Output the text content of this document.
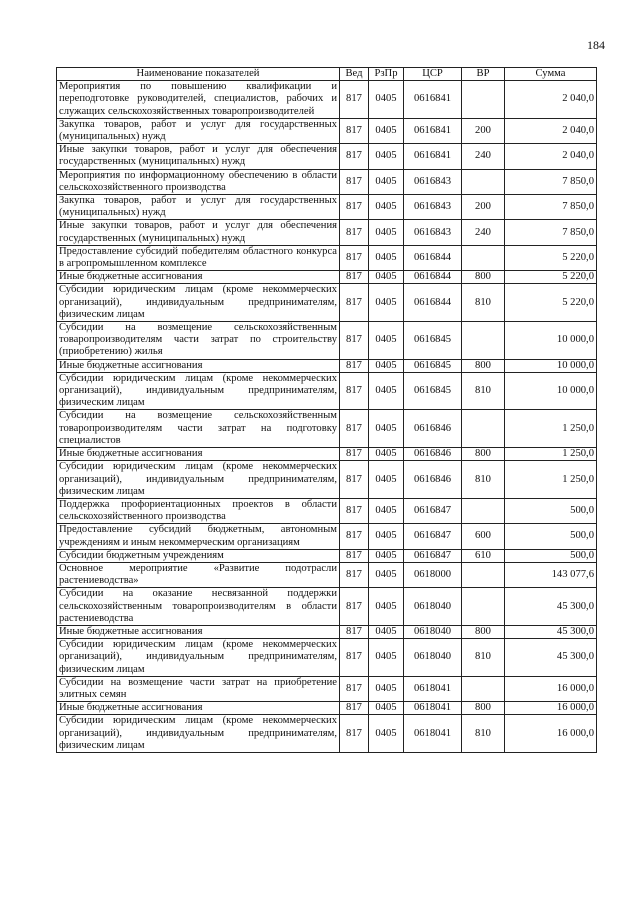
184
Наименование показателей	Вед	РзПр	ЦСР	ВР	Сумма
Мероприятия по повышению квалификации и переподготовке руководителей, специалистов, рабочих и служащих сельскохозяйственных товаропроизводителей	817	0405	0616841		2 040,0
Закупка товаров, работ и услуг для государственных (муниципальных) нужд	817	0405	0616841	200	2 040,0
Иные закупки товаров, работ и услуг для обеспечения государственных (муниципальных) нужд	817	0405	0616841	240	2 040,0
Мероприятия по информационному обеспечению в области сельскохозяйственного производства	817	0405	0616843		7 850,0
Закупка товаров, работ и услуг для государственных (муниципальных) нужд	817	0405	0616843	200	7 850,0
Иные закупки товаров, работ и услуг для обеспечения государственных (муниципальных) нужд	817	0405	0616843	240	7 850,0
Предоставление субсидий победителям областного конкурса в агропромышленном комплексе	817	0405	0616844		5 220,0
Иные бюджетные ассигнования	817	0405	0616844	800	5 220,0
Субсидии юридическим лицам (кроме некоммерческих организаций), индивидуальным предпринимателям, физическим лицам	817	0405	0616844	810	5 220,0
Субсидии на возмещение сельскохозяйственным товаропроизводителям части затрат по строительству (приобретению) жилья	817	0405	0616845		10 000,0
Иные бюджетные ассигнования	817	0405	0616845	800	10 000,0
Субсидии юридическим лицам (кроме некоммерческих организаций), индивидуальным предпринимателям, физическим лицам	817	0405	0616845	810	10 000,0
Субсидии на возмещение сельскохозяйственным товаропроизводителям части затрат на подготовку специалистов	817	0405	0616846		1 250,0
Иные бюджетные ассигнования	817	0405	0616846	800	1 250,0
Субсидии юридическим лицам (кроме некоммерческих организаций), индивидуальным предпринимателям, физическим лицам	817	0405	0616846	810	1 250,0
Поддержка профориентационных проектов в области сельскохозяйственного производства	817	0405	0616847		500,0
Предоставление субсидий бюджетным, автономным учреждениям и иным некоммерческим организациям	817	0405	0616847	600	500,0
Субсидии бюджетным учреждениям	817	0405	0616847	610	500,0
Основное мероприятие «Развитие подотрасли растениеводства»	817	0405	0618000		143 077,6
Субсидии на оказание несвязанной поддержки сельскохозяйственным товаропроизводителям в области растениеводства	817	0405	0618040		45 300,0
Иные бюджетные ассигнования	817	0405	0618040	800	45 300,0
Субсидии юридическим лицам (кроме некоммерческих организаций), индивидуальным предпринимателям, физическим лицам	817	0405	0618040	810	45 300,0
Субсидии на возмещение части затрат на приобретение элитных семян	817	0405	0618041		16 000,0
Иные бюджетные ассигнования	817	0405	0618041	800	16 000,0
Субсидии юридическим лицам (кроме некоммерческих организаций), индивидуальным предпринимателям, физическим лицам	817	0405	0618041	810	16 000,0
